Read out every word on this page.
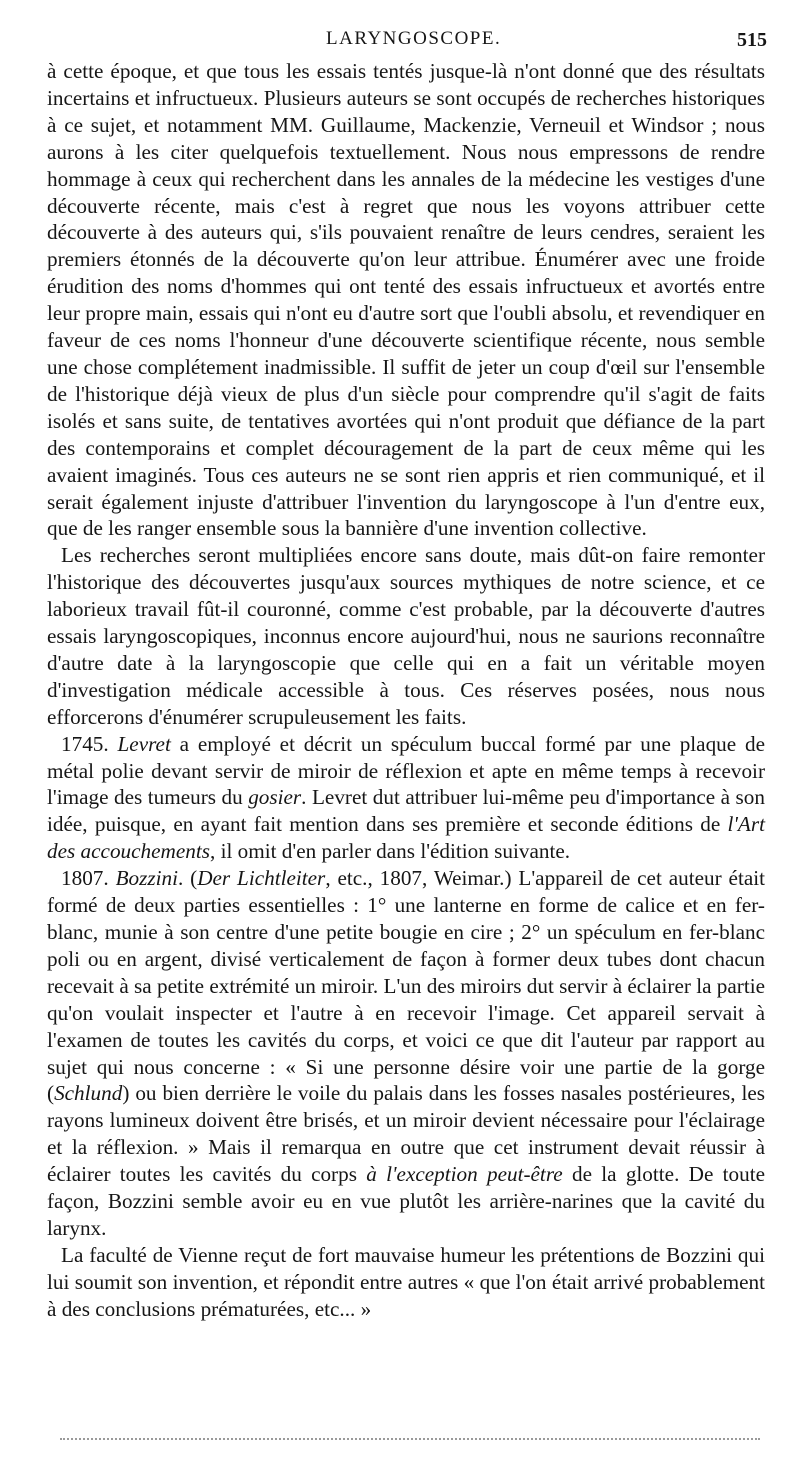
LARYNGOSCOPE.	515

à cette époque, et que tous les essais tentés jusque-là n'ont donné que des résultats incertains et infructueux. Plusieurs auteurs se sont occupés de recherches historiques à ce sujet, et notamment MM. Guillaume, Mackenzie, Verneuil et Windsor ; nous aurons à les citer quelquefois textuellement. Nous nous empressons de rendre hommage à ceux qui recherchent dans les annales de la médecine les vestiges d'une découverte récente, mais c'est à regret que nous les voyons attribuer cette découverte à des auteurs qui, s'ils pouvaient renaître de leurs cendres, seraient les premiers étonnés de la découverte qu'on leur attribue. Énumérer avec une froide érudition des noms d'hommes qui ont tenté des essais infructueux et avortés entre leur propre main, essais qui n'ont eu d'autre sort que l'oubli absolu, et revendiquer en faveur de ces noms l'honneur d'une découverte scientifique récente, nous semble une chose complétement inadmissible. Il suffit de jeter un coup d'œil sur l'ensemble de l'historique déjà vieux de plus d'un siècle pour comprendre qu'il s'agit de faits isolés et sans suite, de tentatives avortées qui n'ont produit que défiance de la part des contemporains et complet découragement de la part de ceux même qui les avaient imaginés. Tous ces auteurs ne se sont rien appris et rien communiqué, et il serait également injuste d'attribuer l'invention du laryngoscope à l'un d'entre eux, que de les ranger ensemble sous la bannière d'une invention collective.

Les recherches seront multipliées encore sans doute, mais dût-on faire remonter l'historique des découvertes jusqu'aux sources mythiques de notre science, et ce laborieux travail fût-il couronné, comme c'est probable, par la découverte d'autres essais laryngoscopiques, inconnus encore aujourd'hui, nous ne saurions reconnaître d'autre date à la laryngoscopie que celle qui en a fait un véritable moyen d'investigation médicale accessible à tous. Ces réserves posées, nous nous efforcerons d'énumérer scrupuleusement les faits.

1745. Levret a employé et décrit un spéculum buccal formé par une plaque de métal polie devant servir de miroir de réflexion et apte en même temps à recevoir l'image des tumeurs du gosier. Levret dut attribuer lui-même peu d'importance à son idée, puisque, en ayant fait mention dans ses première et seconde éditions de l'Art des accouchements, il omit d'en parler dans l'édition suivante.

1807. Bozzini. (Der Lichtleiter, etc., 1807, Weimar.) L'appareil de cet auteur était formé de deux parties essentielles : 1° une lanterne en forme de calice et en fer-blanc, munie à son centre d'une petite bougie en cire ; 2° un spéculum en fer-blanc poli ou en argent, divisé verticalement de façon à former deux tubes dont chacun recevait à sa petite extrémité un miroir. L'un des miroirs dut servir à éclairer la partie qu'on voulait inspecter et l'autre à en recevoir l'image. Cet appareil servait à l'examen de toutes les cavités du corps, et voici ce que dit l'auteur par rapport au sujet qui nous concerne : « Si une personne désire voir une partie de la gorge (Schlund) ou bien derrière le voile du palais dans les fosses nasales postérieures, les rayons lumineux doivent être brisés, et un miroir devient nécessaire pour l'éclairage et la réflexion. » Mais il remarqua en outre que cet instrument devait réussir à éclairer toutes les cavités du corps à l'exception peut-être de la glotte. De toute façon, Bozzini semble avoir eu en vue plutôt les arrière-narines que la cavité du larynx.

La faculté de Vienne reçut de fort mauvaise humeur les prétentions de Bozzini qui lui soumit son invention, et répondit entre autres « que l'on était arrivé probablement à des conclusions prématurées, etc... »
